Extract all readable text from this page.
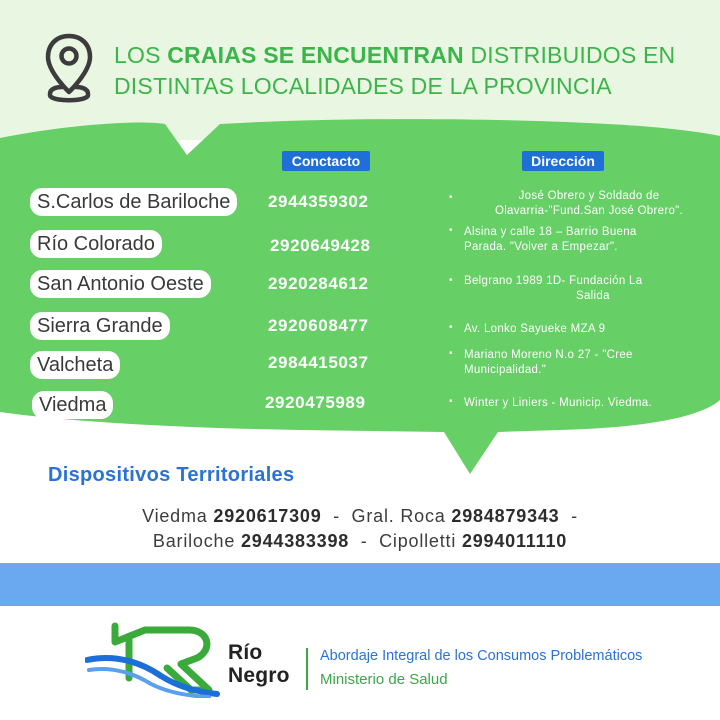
LOS CRAIAS SE ENCUENTRAN DISTRIBUIDOS EN
DISTINTAS LOCALIDADES DE LA PROVINCIA
Conctacto	Dirección
S.Carlos de Bariloche	2944359302	•	José Obrero y Soldado de
Olavarria-"Fund.San José Obrero".
Río Colorado	2920649428
• Alsina y calle 18 – Barrio Buena
Parada. "Volver a Empezar".
San Antonio Oeste	2920284612	• Belgrano 1989 1D- Fundación La
Salida
Sierra Grande	2920608477	• Av. Lonko Sayueke MZA 9
Valcheta	2984415037	• Mariano Moreno N.o 27 - "Cree
Municipalidad."
Viedma	2920475989	• Winter y Liniers - Municip. Viedma.
Dispositivos Territoriales
Viedma 2920617309 - Gral. Roca 2984879343 -
Bariloche 2944383398 - Cipolletti 2994011110
Río
Negro
Abordaje Integral de los Consumos Problemáticos
Ministerio de Salud
